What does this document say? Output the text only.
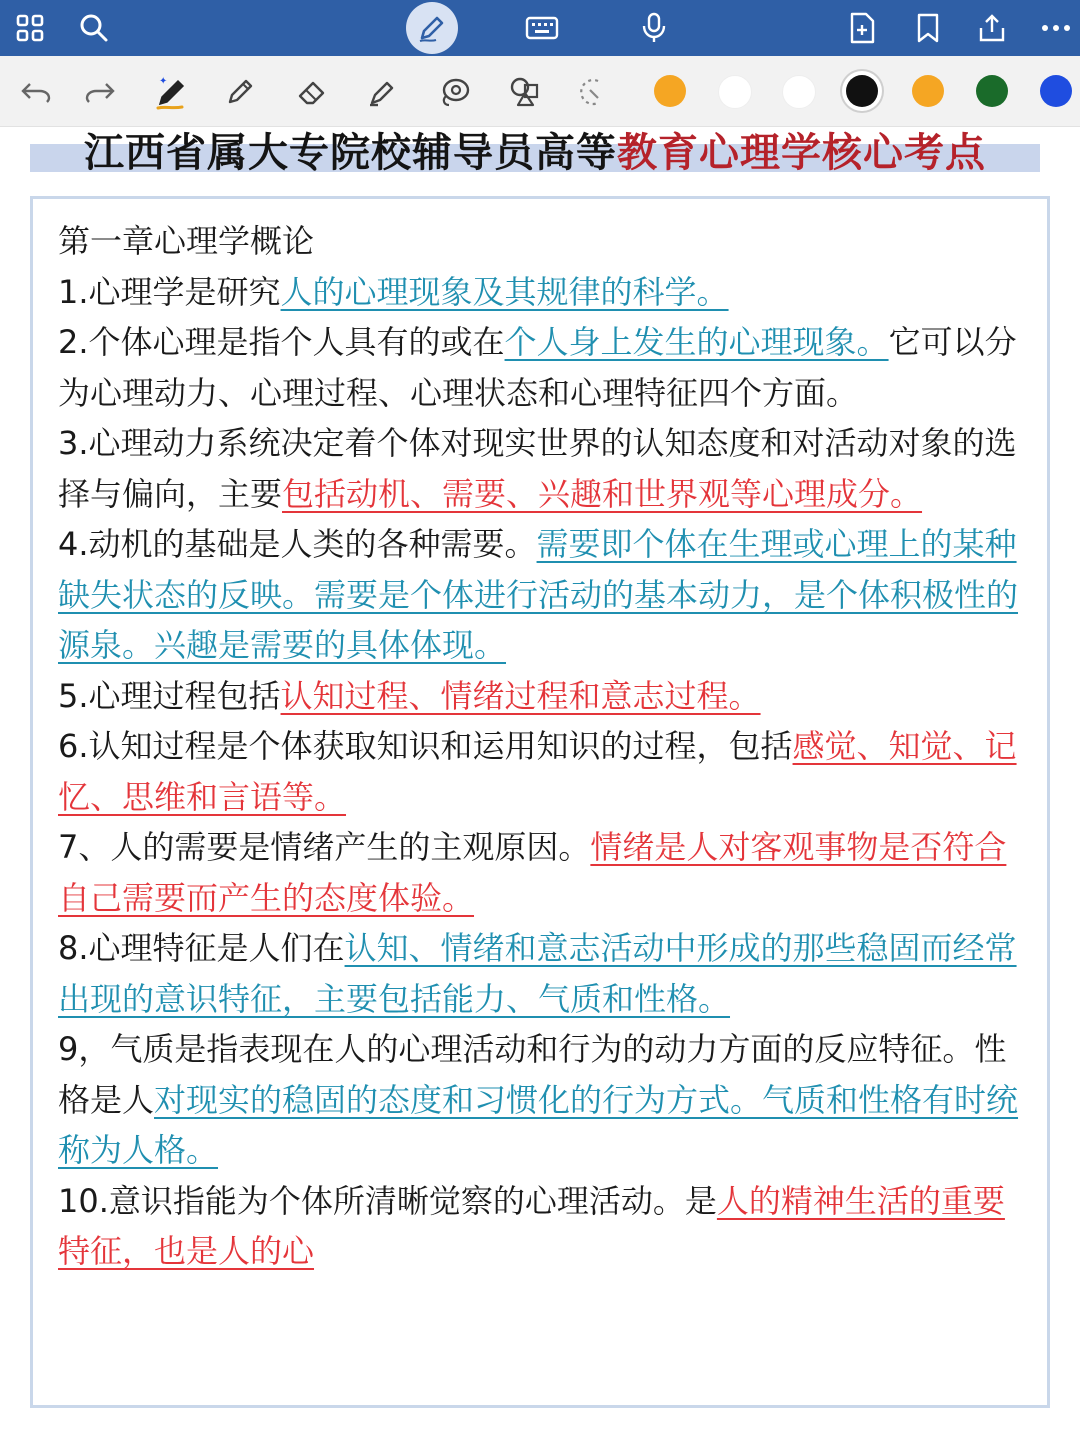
✦
江西省属大专院校辅导员高等教育心理学核心考点

第一章心理学概论

1.心理学是研究人的心理现象及其规律的科学。

2.个体心理是指个人具有的或在个人身上发生的心理现象。它可以分为心理动力、心理过程、心理状态和心理特征四个方面。

3.心理动力系统决定着个体对现实世界的认知态度和对活动对象的选择与偏向，主要包括动机、需要、兴趣和世界观等心理成分。

4.动机的基础是人类的各种需要。需要即个体在生理或心理上的某种缺失状态的反映。需要是个体进行活动的基本动力，是个体积极性的源泉。兴趣是需要的具体体现。

5.心理过程包括认知过程、情绪过程和意志过程。

6.认知过程是个体获取知识和运用知识的过程，包括感觉、知觉、记忆、思维和言语等。

7、人的需要是情绪产生的主观原因。情绪是人对客观事物是否符合自己需要而产生的态度体验。

8.心理特征是人们在认知、情绪和意志活动中形成的那些稳固而经常出现的意识特征，主要包括能力、气质和性格。

9，气质是指表现在人的心理活动和行为的动力方面的反应特征。性格是人对现实的稳固的态度和习惯化的行为方式。气质和性格有时统称为人格。

10.意识指能为个体所清晰觉察的心理活动。是人的精神生活的重要特征，也是人的心
